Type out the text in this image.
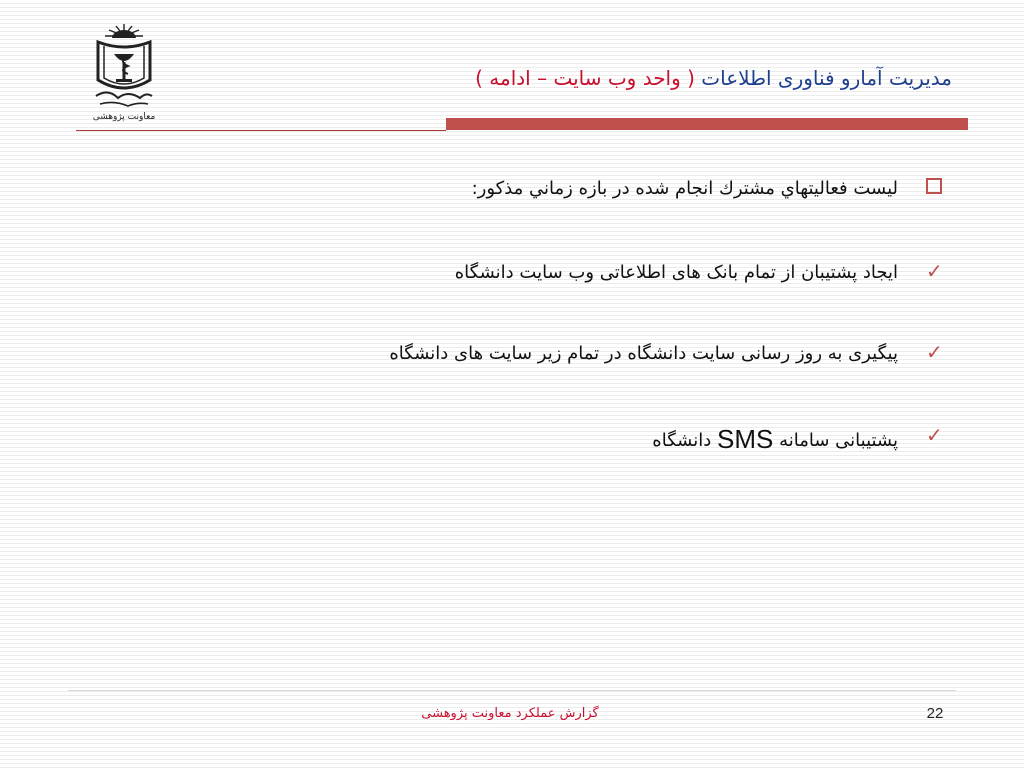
معاونت پژوهشی
مدیریت آمارو فناوری اطلاعات ( واحد وب سایت – ادامه )
لیست فعالیتهاي مشترك انجام شده در بازه زماني مذكور:
✓
ایجاد پشتیبان از تمام بانک های اطلاعاتی وب سایت دانشگاه
✓
پیگیری به روز رسانی سایت دانشگاه در تمام زیر سایت های دانشگاه
✓
پشتیبانی سامانه SMS دانشگاه
گزارش عملکرد معاونت پژوهشی	22
